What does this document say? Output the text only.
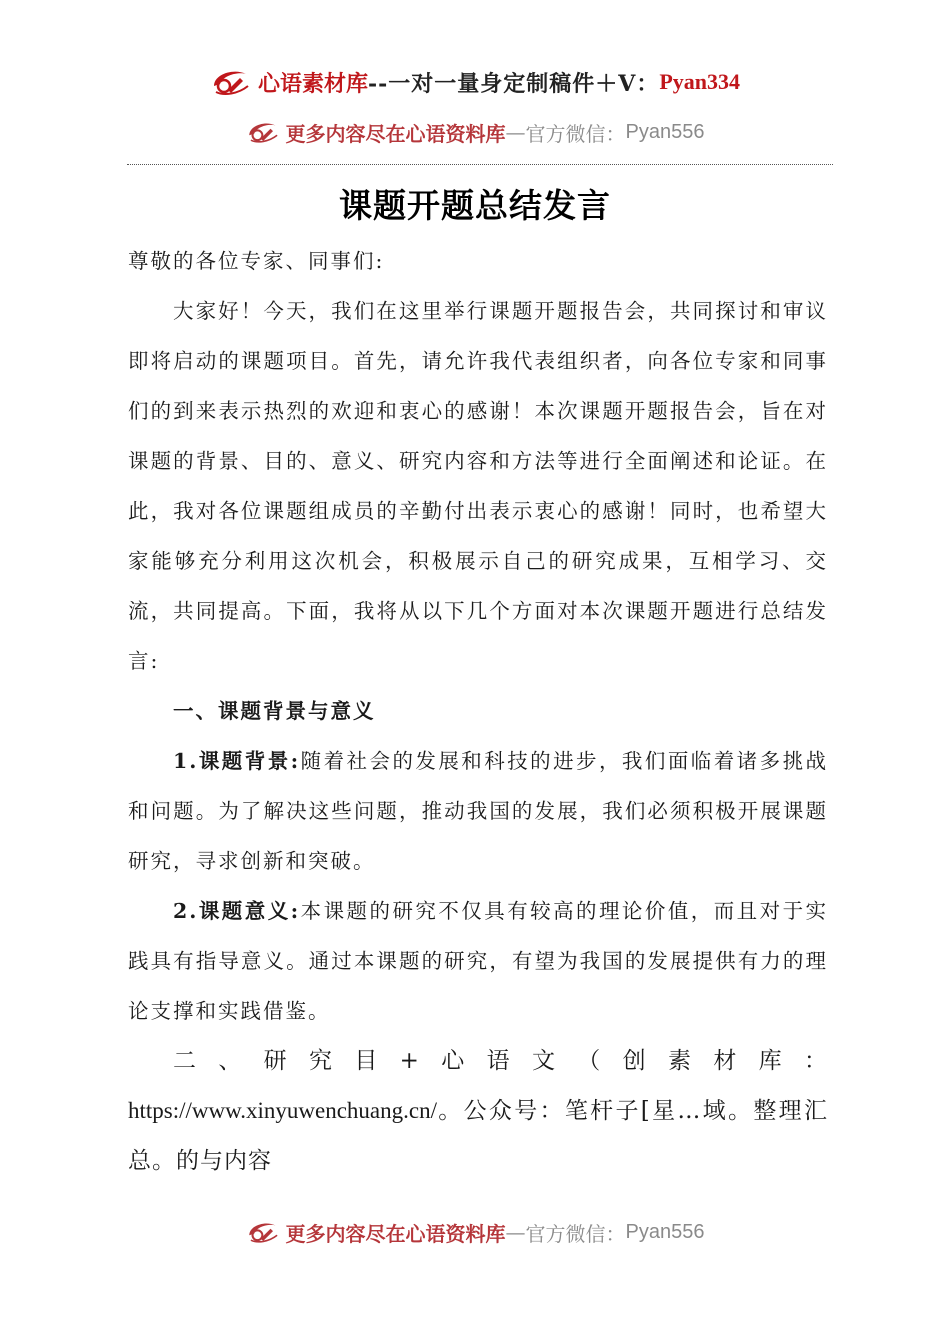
心语素材库 --一对一量身定制稿件＋V： Pyan334
更多内容尽在心语资料库 — 官方微信： Pyan556
课题开题总结发言

尊敬的各位专家、同事们:

大家好！今天，我们在这里举行课题开题报告会，共同探讨和审议即将启动的课题项目。首先，请允许我代表组织者，向各位专家和同事们的到来表示热烈的欢迎和衷心的感谢！本次课题开题报告会，旨在对课题的背景、目的、意义、研究内容和方法等进行全面阐述和论证。在此，我对各位课题组成员的辛勤付出表示衷心的感谢！同时，也希望大家能够充分利用这次机会，积极展示自己的研究成果，互相学习、交流，共同提高。下面，我将从以下几个方面对本次课题开题进行总结发言:

一、课题背景与意义

1.课题背景:随着社会的发展和科技的进步，我们面临着诸多挑战和问题。为了解决这些问题，推动我国的发展，我们必须积极开展课题研究，寻求创新和突破。

2.课题意义:本课题的研究不仅具有较高的理论价值，而且对于实践具有指导意义。通过本课题的研究，有望为我国的发展提供有力的理论支撑和实践借鉴。

二、研究目+心语文（创素材库：https://www.xinyuwenchuang.cn/。公众号：笔杆子[星…域。整理汇总。的与内容

更多内容尽在心语资料库 — 官方微信： Pyan556
